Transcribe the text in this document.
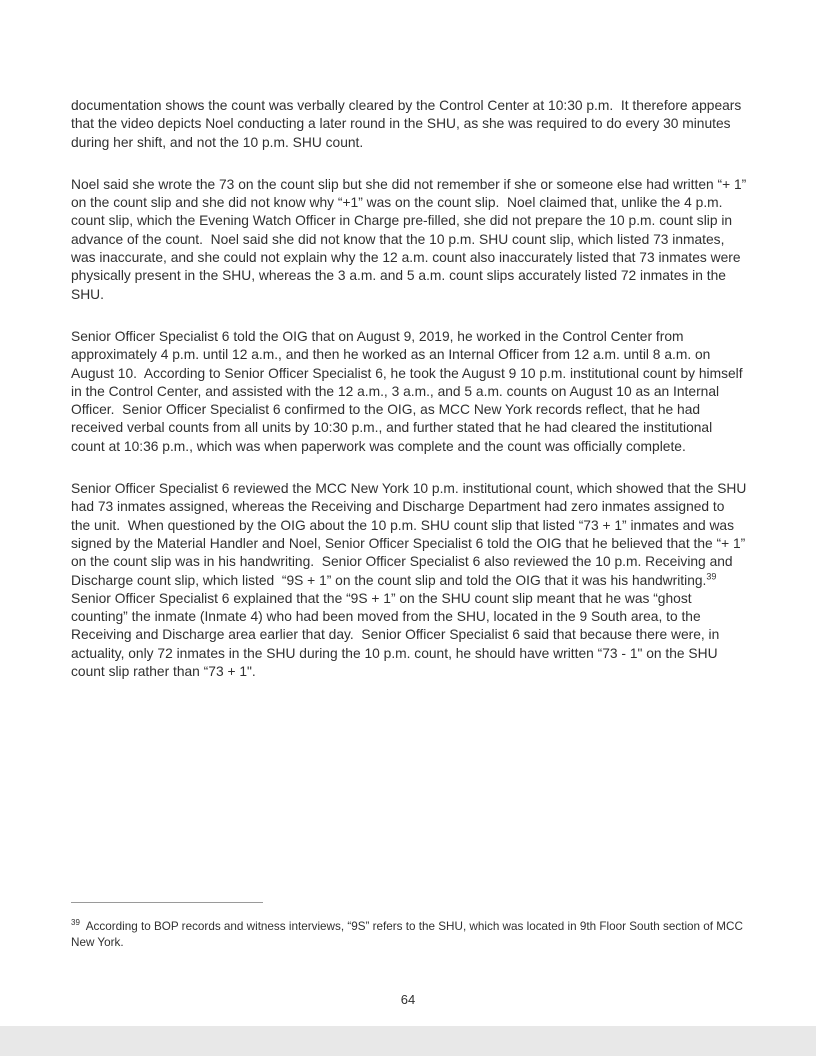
documentation shows the count was verbally cleared by the Control Center at 10:30 p.m.  It therefore appears that the video depicts Noel conducting a later round in the SHU, as she was required to do every 30 minutes during her shift, and not the 10 p.m. SHU count.

Noel said she wrote the 73 on the count slip but she did not remember if she or someone else had written “+ 1” on the count slip and she did not know why “+1” was on the count slip.  Noel claimed that, unlike the 4 p.m. count slip, which the Evening Watch Officer in Charge pre-filled, she did not prepare the 10 p.m. count slip in advance of the count.  Noel said she did not know that the 10 p.m. SHU count slip, which listed 73 inmates, was inaccurate, and she could not explain why the 12 a.m. count also inaccurately listed that 73 inmates were physically present in the SHU, whereas the 3 a.m. and 5 a.m. count slips accurately listed 72 inmates in the SHU.

Senior Officer Specialist 6 told the OIG that on August 9, 2019, he worked in the Control Center from approximately 4 p.m. until 12 a.m., and then he worked as an Internal Officer from 12 a.m. until 8 a.m. on August 10.  According to Senior Officer Specialist 6, he took the August 9 10 p.m. institutional count by himself in the Control Center, and assisted with the 12 a.m., 3 a.m., and 5 a.m. counts on August 10 as an Internal Officer.  Senior Officer Specialist 6 confirmed to the OIG, as MCC New York records reflect, that he had received verbal counts from all units by 10:30 p.m., and further stated that he had cleared the institutional count at 10:36 p.m., which was when paperwork was complete and the count was officially complete.

Senior Officer Specialist 6 reviewed the MCC New York 10 p.m. institutional count, which showed that the SHU had 73 inmates assigned, whereas the Receiving and Discharge Department had zero inmates assigned to the unit.  When questioned by the OIG about the 10 p.m. SHU count slip that listed “73 + 1” inmates and was signed by the Material Handler and Noel, Senior Officer Specialist 6 told the OIG that he believed that the “+ 1” on the count slip was in his handwriting.  Senior Officer Specialist 6 also reviewed the 10 p.m. Receiving and Discharge count slip, which listed  “9S + 1” on the count slip and told the OIG that it was his handwriting.$^{39}$  Senior Officer Specialist 6 explained that the “9S + 1” on the SHU count slip meant that he was “ghost counting” the inmate (Inmate 4) who had been moved from the SHU, located in the 9 South area, to the Receiving and Discharge area earlier that day.  Senior Officer Specialist 6 said that because there were, in actuality, only 72 inmates in the SHU during the 10 p.m. count, he should have written “73 - 1" on the SHU count slip rather than “73 + 1".

$^{39}$  According to BOP records and witness interviews, “9S” refers to the SHU, which was located in 9th Floor South section of MCC New York.

64
